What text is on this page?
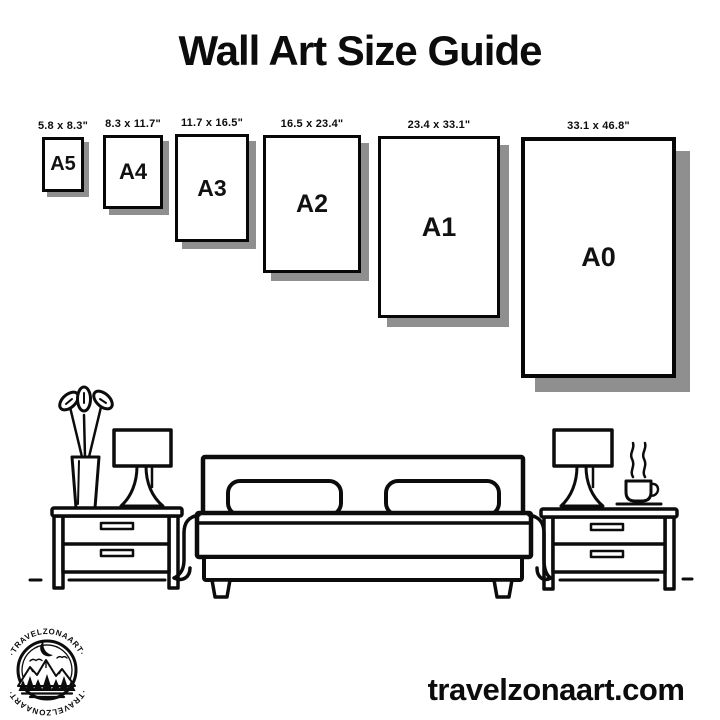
·TRAVELZONAART·
·TRAVELZONAART·
Wall Art Size Guide
5.8 x 8.3"
A5
8.3 x 11.7"
A4
11.7 x 16.5"
A3
16.5 x 23.4"
A2
23.4 x 33.1"
A1
33.1 x 46.8"
A0
travelzonaart.com
